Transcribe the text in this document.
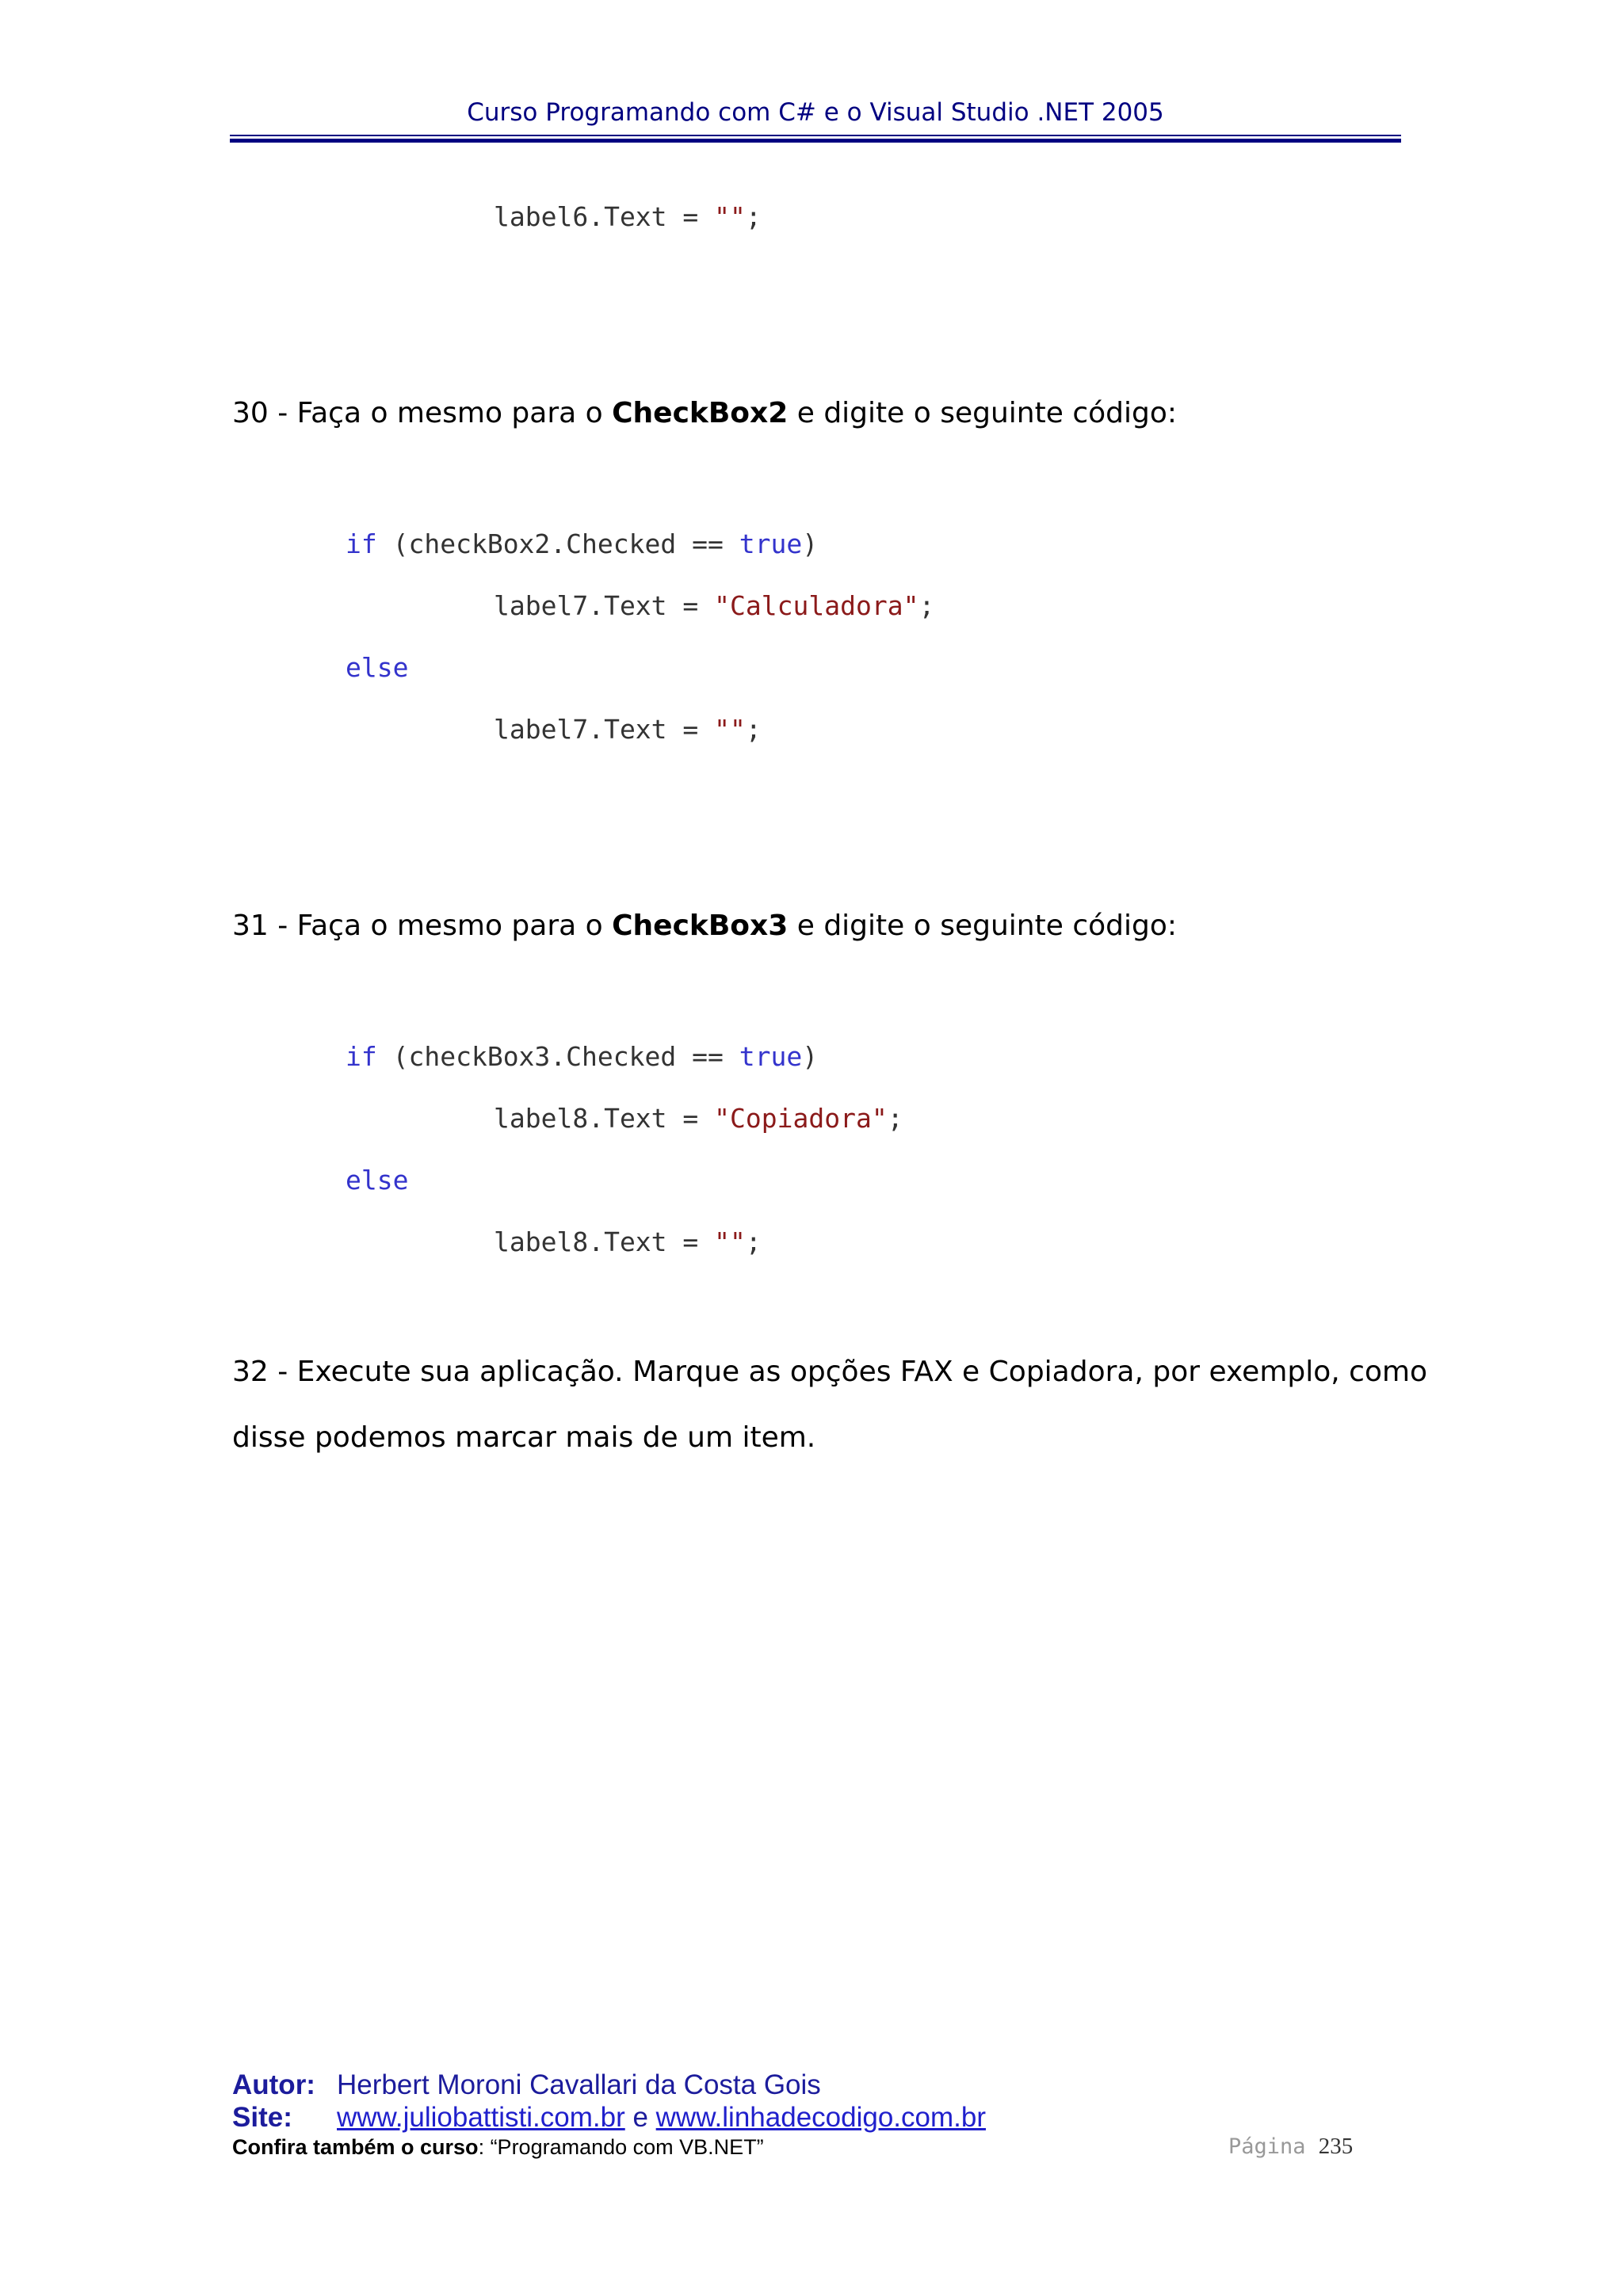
Curso Programando com C# e o Visual Studio .NET 2005
label6.Text = "";
30 - Faça o mesmo para o CheckBox2 e digite o seguinte código:
if (checkBox2.Checked == true)
label7.Text = "Calculadora";
else
label7.Text = "";
31 - Faça o mesmo para o CheckBox3 e digite o seguinte código:
if (checkBox3.Checked == true)
label8.Text = "Copiadora";
else
label8.Text = "";
32 - Execute sua aplicação. Marque as opções FAX e Copiadora, por exemplo, como
disse podemos marcar mais de um item.
Autor: Herbert Moroni Cavallari da Costa Gois
Site: www.juliobattisti.com.br e www.linhadecodigo.com.br
Confira também o curso: “Programando com VB.NET”	Página 235
